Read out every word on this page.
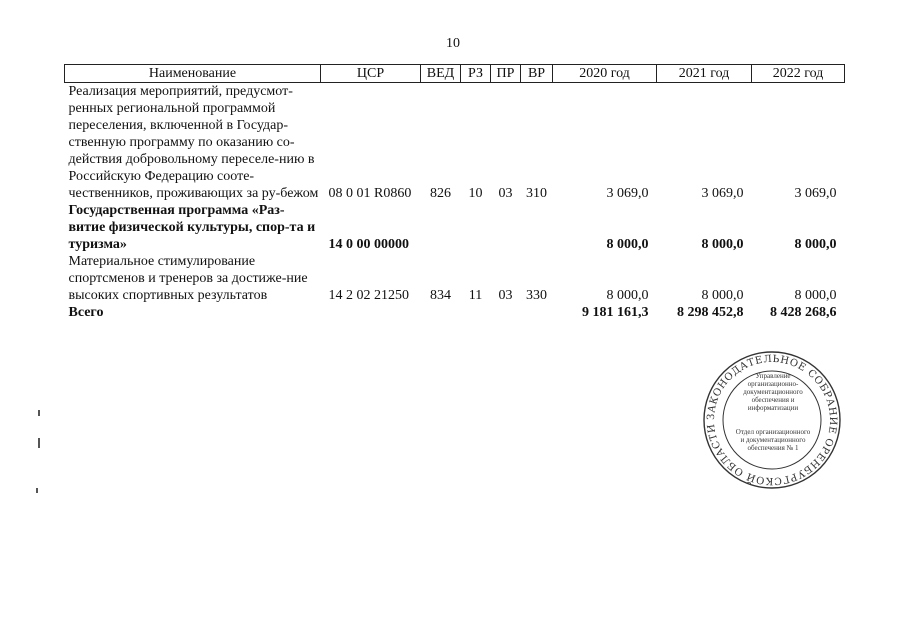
10
Наименование	ЦСР	ВЕД	РЗ	ПР	ВР	2020 год	2021 год	2022 год
Реализация мероприятий, предусмот-ренных региональной программой переселения, включенной в Государ-ственную программу по оказанию со-действия добровольному переселе-нию в Российскую Федерацию сооте-чественников, проживающих за ру-бежом	08 0 01 R0860	826	10	03	310	3 069,0	3 069,0	3 069,0
Государственная программа «Раз-витие физической культуры, спор-та и туризма»	14 0 00 00000					8 000,0	8 000,0	8 000,0
Материальное стимулирование спортсменов и тренеров за достиже-ние высоких спортивных результатов	14 2 02 21250	834	11	03	330	8 000,0	8 000,0	8 000,0
Всего						9 181 161,3	8 298 452,8	8 428 268,6
ЗАКОНОДАТЕЛЬНОЕ СОБРАНИЕ ОРЕНБУРГСКОЙ ОБЛАСТИ
Управление организационно-документационного обеспечения и информатизации
Отдел организационного и документационного обеспечения № 1
